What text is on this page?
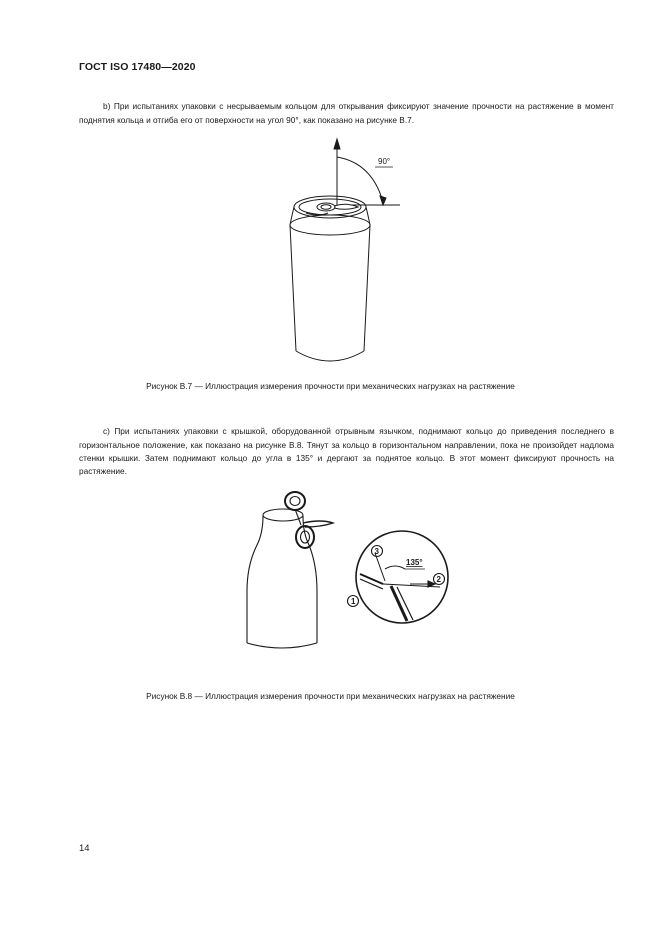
ГОСТ ISO 17480—2020

b) При испытаниях упаковки с несрываемым кольцом для открывания фиксируют значение прочности на растяжение в момент поднятия кольца и отгиба его от поверхности на угол 90°, как показано на рисунке В.7.

90°
Рисунок В.7 — Иллюстрация измерения прочности при механических нагрузках на растяжение

c) При испытаниях упаковки с крышкой, оборудованной отрывным язычком, поднимают кольцо до приведения последнего в горизонтальное положение, как показано на рисунке В.8. Тянут за кольцо в горизонтальном направлении, пока не произойдет надлома стенки крышки. Затем поднимают кольцо до угла в 135° и дергают за поднятое кольцо. В этот момент фиксируют прочность на растяжение.

135°
3
2
1
Рисунок В.8 — Иллюстрация измерения прочности при механических нагрузках на растяжение
14
